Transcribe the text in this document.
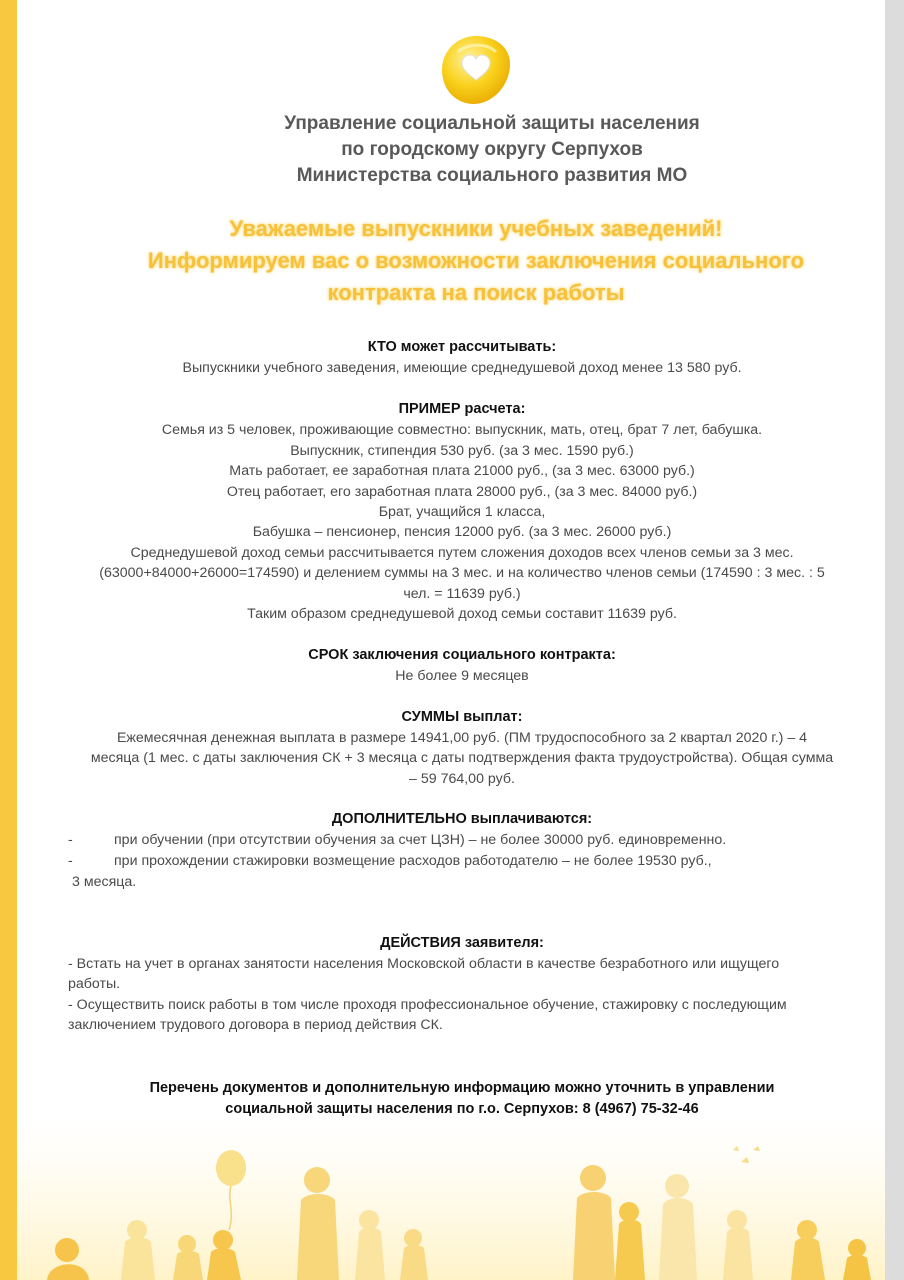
Управление социальной защиты населения
по городскому округу Серпухов
Министерства социального развития МО
Уважаемые выпускники учебных заведений!
Информируем вас о возможности заключения социального
контракта на поиск работы
КТО может рассчитывать:
Выпускники учебного заведения, имеющие среднедушевой доход менее 13 580 руб.
ПРИМЕР расчета:
Семья из 5 человек, проживающие совместно: выпускник, мать, отец, брат 7 лет, бабушка.
Выпускник, стипендия 530 руб. (за 3 мес. 1590 руб.)
Мать работает, ее заработная плата 21000 руб., (за 3 мес. 63000 руб.)
Отец работает, его заработная плата 28000 руб., (за 3 мес. 84000 руб.)
Брат, учащийся 1 класса,
Бабушка – пенсионер, пенсия 12000 руб. (за 3 мес. 26000 руб.)
Среднедушевой доход семьи рассчитывается путем сложения доходов всех членов семьи за 3 мес.
(63000+84000+26000=174590) и делением суммы на 3 мес. и на количество членов семьи (174590 : 3 мес. : 5
чел. = 11639 руб.)
Таким образом среднедушевой доход семьи составит 11639 руб.
СРОК заключения социального контракта:
Не более 9 месяцев
СУММЫ выплат:
Ежемесячная денежная выплата в размере 14941,00 руб. (ПМ трудоспособного за 2 квартал 2020 г.) – 4
месяца (1 мес. с даты заключения СК + 3 месяца с даты подтверждения факта трудоустройства). Общая сумма
– 59 764,00 руб.
ДОПОЛНИТЕЛЬНО выплачиваются:
-	при обучении (при отсутствии обучения за счет ЦЗН) – не более 30000 руб. единовременно.
-	при прохождении стажировки возмещение расходов работодателю – не более 19530 руб.,
3 месяца.
ДЕЙСТВИЯ заявителя:
- Встать на учет в органах занятости населения Московской области в качестве безработного или ищущего
работы.
- Осуществить поиск работы в том числе проходя профессиональное обучение, стажировку с последующим
заключением трудового договора в период действия СК.
Перечень документов и дополнительную информацию можно уточнить в управлении
социальной защиты населения по г.о. Серпухов: 8 (4967) 75-32-46
